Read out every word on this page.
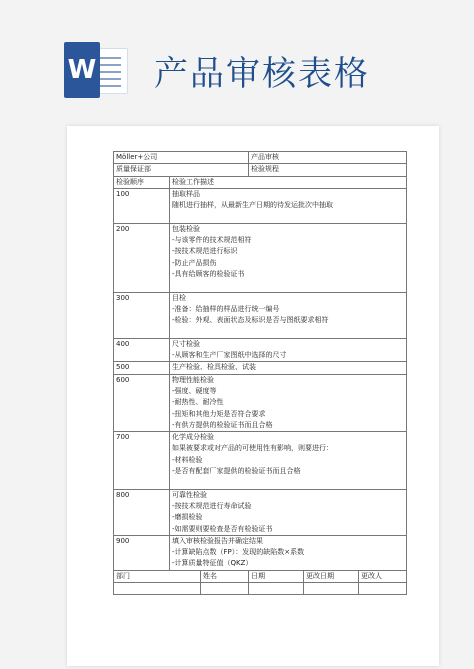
W 产品审核表格
Möller+公司			产品审核		
质量保证部			检验规程		
检验顺序	检验工作描述				
100	抽取样品
随机进行抽样，从最新生产日期的待发运批次中抽取				

200	包装检验
-与该零件的技术规范相符
-按技术规范进行标识
-防止产品损伤
-具有给顾客的检验证书				

300	目检
-准备：给抽样的样品进行统一编号
-检验：外观、表面状态及标识是否与图纸要求相符				

400	尺寸检验
-从顾客和生产厂家图纸中选择的尺寸				

500	生产检验、检具检验、试装				

600	物理性能检验
-强度、硬度等
-耐热性、耐冷性
-扭矩和其他力矩是否符合要求
-有供方提供的检验证书而且合格				

700	化学成分检验
如果被要求或对产品的可使用性有影响，则要进行：
-材料检验
-是否有配套厂家提供的检验证书而且合格				

800	可靠性检验
-按技术规范进行寿命试验
-磨损检验
-如需要则要检查是否有检验证书				

900	填入审核检验报告并确定结果
-计算缺陷点数（FP）：发现的缺陷数×系数
-计算质量特征值（QKZ）				

部门		姓名	日期	更改日期	更改人
